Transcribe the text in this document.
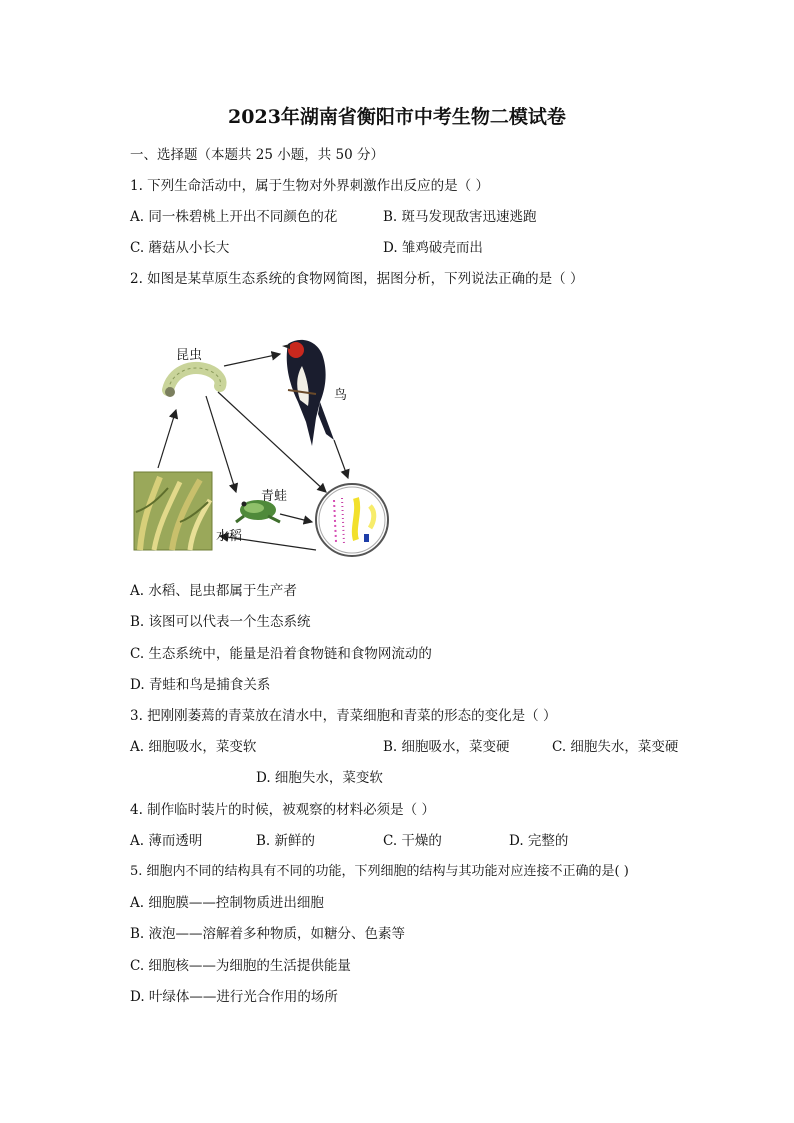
2023年湖南省衡阳市中考生物二模试卷
一、选择题（本题共 25 小题，共 50 分）
1. 下列生命活动中，属于生物对外界刺激作出反应的是（ ）
A. 同一株碧桃上开出不同颜色的花	B. 斑马发现敌害迅速逃跑
C. 蘑菇从小长大	D. 雏鸡破壳而出
2. 如图是某草原生态系统的食物网简图，据图分析，下列说法正确的是（ ）
昆虫
鸟
青蛙
水稻
A. 水稻、昆虫都属于生产者
B. 该图可以代表一个生态系统
C. 生态系统中，能量是沿着食物链和食物网流动的
D. 青蛙和鸟是捕食关系
3. 把刚刚萎蔫的青菜放在清水中，青菜细胞和青菜的形态的变化是（ ）
A. 细胞吸水，菜变软	B. 细胞吸水，菜变硬	C. 细胞失水，菜变硬
D. 细胞失水，菜变软
4. 制作临时装片的时候，被观察的材料必须是（ ）
A. 薄而透明	B. 新鲜的	C. 干燥的	D. 完整的
5. 细胞内不同的结构具有不同的功能，下列细胞的结构与其功能对应连接不正确的是( )
A. 细胞膜——控制物质进出细胞
B. 液泡——溶解着多种物质，如糖分、色素等
C. 细胞核——为细胞的生活提供能量
D. 叶绿体——进行光合作用的场所
